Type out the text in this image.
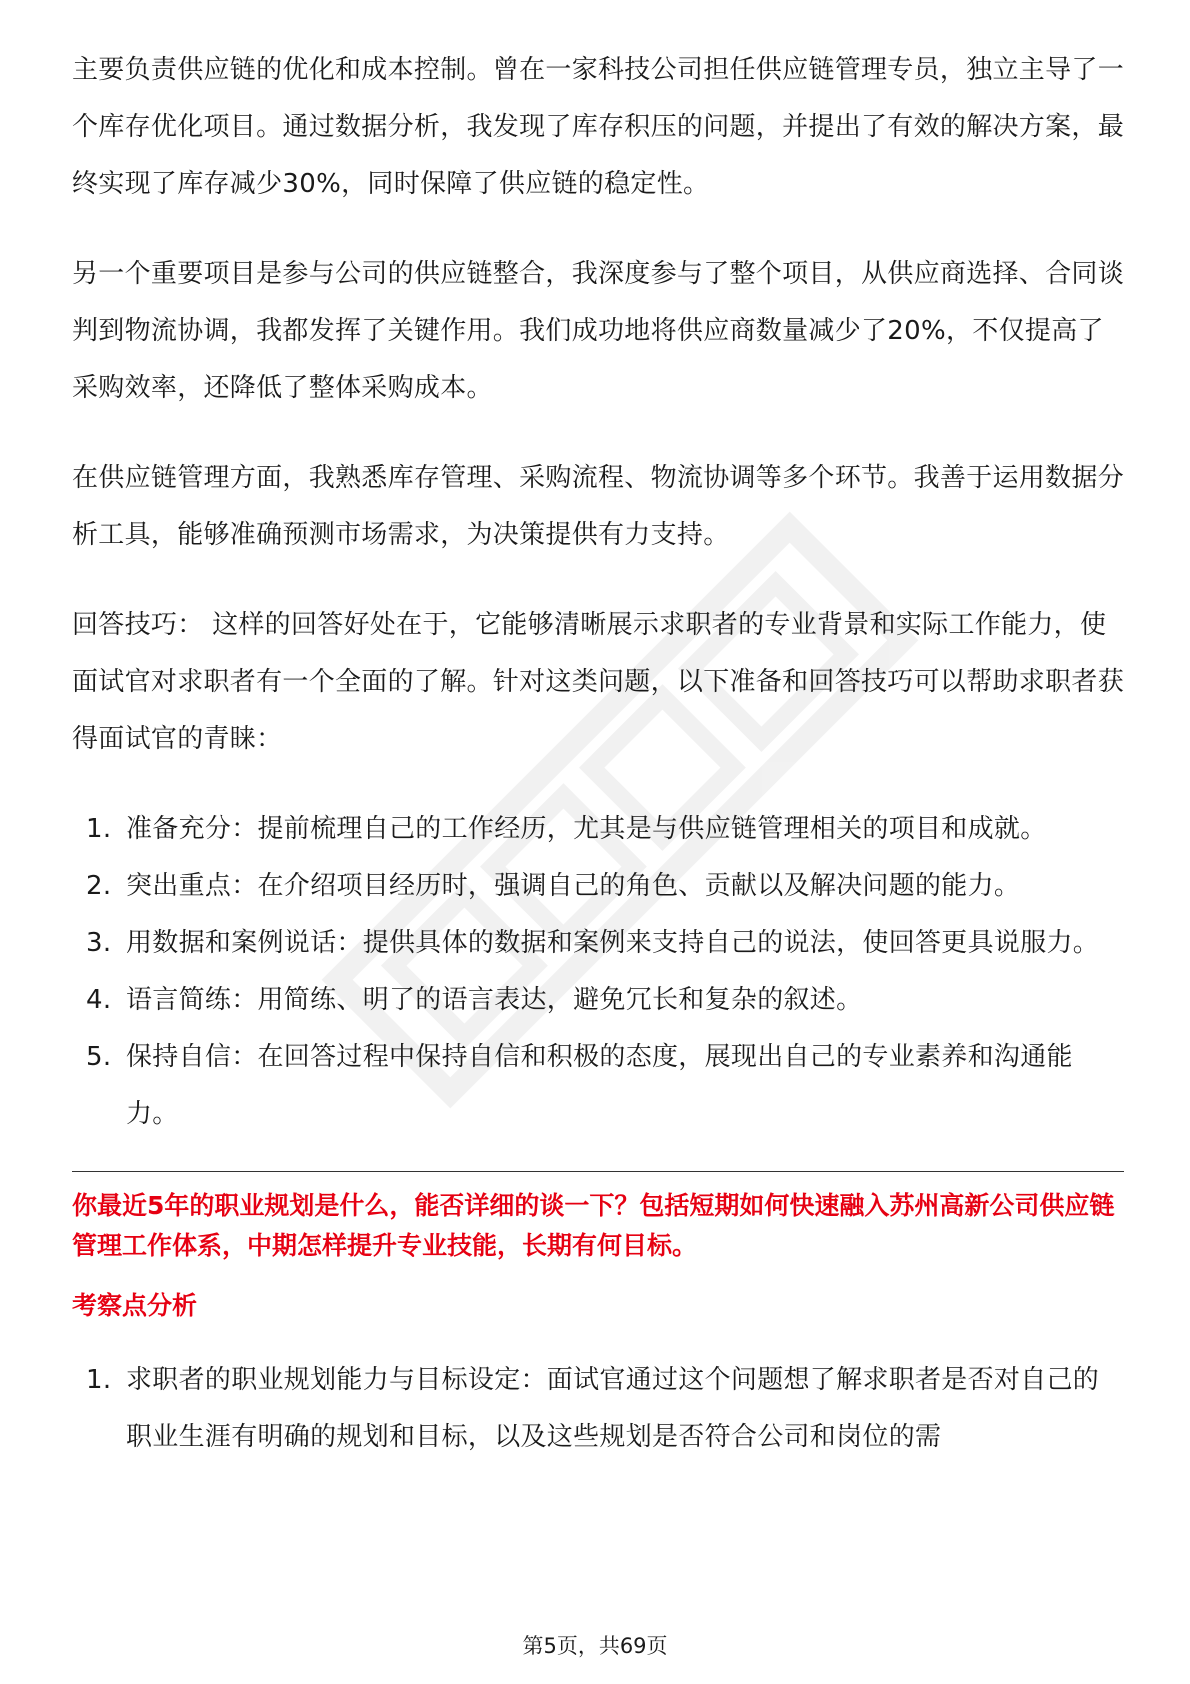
主要负责供应链的优化和成本控制。曾在一家科技公司担任供应链管理专员，独立主导了一个库存优化项目。通过数据分析，我发现了库存积压的问题，并提出了有效的解决方案，最终实现了库存减少30%，同时保障了供应链的稳定性。

另一个重要项目是参与公司的供应链整合，我深度参与了整个项目，从供应商选择、合同谈判到物流协调，我都发挥了关键作用。我们成功地将供应商数量减少了20%，不仅提高了采购效率，还降低了整体采购成本。

在供应链管理方面，我熟悉库存管理、采购流程、物流协调等多个环节。我善于运用数据分析工具，能够准确预测市场需求，为决策提供有力支持。

回答技巧： 这样的回答好处在于，它能够清晰展示求职者的专业背景和实际工作能力，使面试官对求职者有一个全面的了解。针对这类问题，以下准备和回答技巧可以帮助求职者获得面试官的青睐：

1. 准备充分：提前梳理自己的工作经历，尤其是与供应链管理相关的项目和成就。
2. 突出重点：在介绍项目经历时，强调自己的角色、贡献以及解决问题的能力。
3. 用数据和案例说话：提供具体的数据和案例来支持自己的说法，使回答更具说服力。
4. 语言简练：用简练、明了的语言表达，避免冗长和复杂的叙述。
5. 保持自信：在回答过程中保持自信和积极的态度，展现出自己的专业素养和沟通能力。
你最近5年的职业规划是什么，能否详细的谈一下？包括短期如何快速融入苏州高新公司供应链管理工作体系，中期怎样提升专业技能，长期有何目标。
考察点分析
1. 求职者的职业规划能力与目标设定：面试官通过这个问题想了解求职者是否对自己的职业生涯有明确的规划和目标，以及这些规划是否符合公司和岗位的需
第5页，共69页
